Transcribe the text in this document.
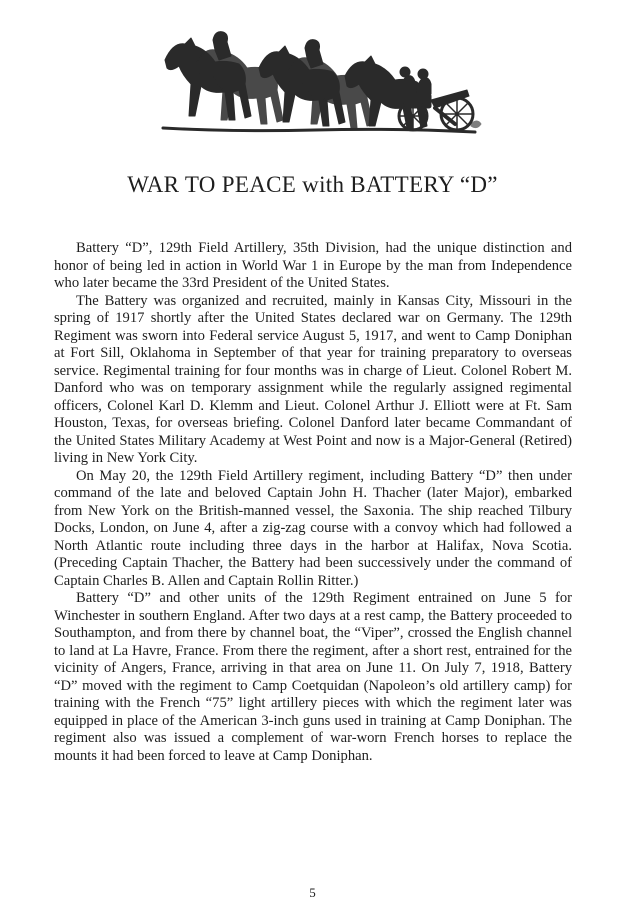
WAR TO PEACE with BATTERY “D”

Battery “D”, 129th Field Artillery, 35th Division, had the unique distinction and honor of being led in action in World War 1 in Europe by the man from Independence who later became the 33rd President of the United States.

The Battery was organized and recruited, mainly in Kansas City, Missouri in the spring of 1917 shortly after the United States declared war on Germany. The 129th Regiment was sworn into Federal service August 5, 1917, and went to Camp Doniphan at Fort Sill, Oklahoma in September of that year for training preparatory to overseas service. Regimental training for four months was in charge of Lieut. Colonel Robert M. Danford who was on temporary assignment while the regularly assigned regimental officers, Colonel Karl D. Klemm and Lieut. Colonel Arthur J. Elliott were at Ft. Sam Houston, Texas, for overseas briefing. Colonel Danford later became Commandant of the United States Military Academy at West Point and now is a Major-General (Retired) living in New York City.

On May 20, the 129th Field Artillery regiment, including Battery “D” then under command of the late and beloved Captain John H. Thacher (later Major), embarked from New York on the British-manned vessel, the Saxonia. The ship reached Tilbury Docks, London, on June 4, after a zig-zag course with a convoy which had followed a North Atlantic route including three days in the harbor at Halifax, Nova Scotia. (Preceding Captain Thacher, the Battery had been successively under the command of Captain Charles B. Allen and Captain Rollin Ritter.)

Battery “D” and other units of the 129th Regiment entrained on June 5 for Winchester in southern England. After two days at a rest camp, the Battery proceeded to Southampton, and from there by channel boat, the “Viper”, crossed the English channel to land at La Havre, France. From there the regiment, after a short rest, entrained for the vicinity of Angers, France, arriving in that area on June 11. On July 7, 1918, Battery “D” moved with the regiment to Camp Coetquidan (Napoleon’s old artillery camp) for training with the French “75” light artillery pieces with which the regiment later was equipped in place of the American 3-inch guns used in training at Camp Doniphan. The regiment also was issued a complement of war-worn French horses to replace the mounts it had been forced to leave at Camp Doniphan.

5
